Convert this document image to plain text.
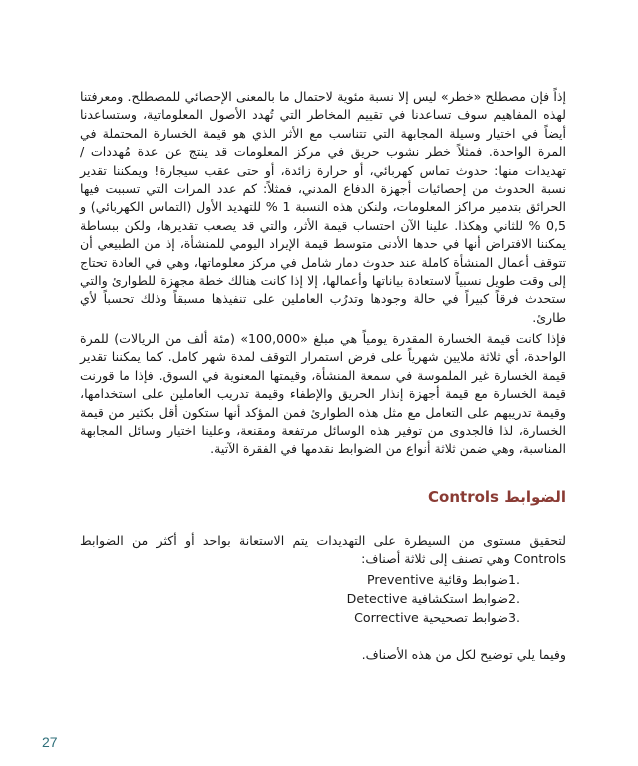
إذاً فإن مصطلح «خطر» ليس إلا نسبة مئوية لاحتمال ما بالمعنى الإحصائي للمصطلح. ومعرفتنا لهذه المفاهيم سوف تساعدنا في تقييم المخاطر التي تُهدد الأصول المعلوماتية، وستساعدنا أيضاً في اختيار وسيلة المجابهة التي تتناسب مع الأثر الذي هو قيمة الخسارة المحتملة في المرة الواحدة. فمثلاً خطر نشوب حريق في مركز المعلومات قد ينتج عن عدة مُهددات / تهديدات منها: حدوث تماس كهربائي، أو حرارة زائدة، أو حتى عقب سيجارة! ويمكننا تقدير نسبة الحدوث من إحصائيات أجهزة الدفاع المدني، فمثلاً: كم عدد المرات التي تسببت فيها الحرائق بتدمير مراكز المعلومات، ولنكن هذه النسبة 1 % للتهديد الأول (التماس الكهربائي) و 0,5 % للثاني وهكذا. علينا الآن احتساب قيمة الأثر، والتي قد يصعب تقديرها، ولكن ببساطة يمكننا الافتراض أنها في حدها الأدنى متوسط قيمة الإيراد اليومي للمنشأة، إذ من الطبيعي أن تتوقف أعمال المنشأة كاملة عند حدوث دمار شامل في مركز معلوماتها، وهي في العادة تحتاج إلى وقت طويل نسبياً لاستعادة بياناتها وأعمالها، إلا إذا كانت هنالك خطة مجهزة للطوارئ والتي ستحدث فرقاً كبيراً في حالة وجودها وتدرُب العاملين على تنفيذها مسبقاً وذلك تحسباً لأي طارئ.

فإذا كانت قيمة الخسارة المقدرة يومياً هي مبلغ «100,000» (مئة ألف من الريالات) للمرة الواحدة، أي ثلاثة ملايين شهرياً على فرض استمرار التوقف لمدة شهر كامل. كما يمكننا تقدير قيمة الخسارة غير الملموسة في سمعة المنشأة، وقيمتها المعنوية في السوق. فإذا ما قورنت قيمة الخسارة مع قيمة أجهزة إنذار الحريق والإطفاء وقيمة تدريب العاملين على استخدامها، وقيمة تدريبهم على التعامل مع مثل هذه الطوارئ فمن المؤكد أنها ستكون أقل بكثير من قيمة الخسارة، لذا فالجدوى من توفير هذه الوسائل مرتفعة ومقنعة، وعلينا اختيار وسائل المجابهة المناسبة، وهي ضمن ثلاثة أنواع من الضوابط نقدمها في الفقرة الآتية.

الضوابط Controls

لتحقيق مستوى من السيطرة على التهديدات يتم الاستعانة بواحد أو أكثر من الضوابط Controls وهي تصنف إلى ثلاثة أصناف:

1.
ضوابط وقائية Preventive
2.
ضوابط استكشافية Detective
3.
ضوابط تصحيحية Corrective

وفيما يلي توضيح لكل من هذه الأصناف.

27
